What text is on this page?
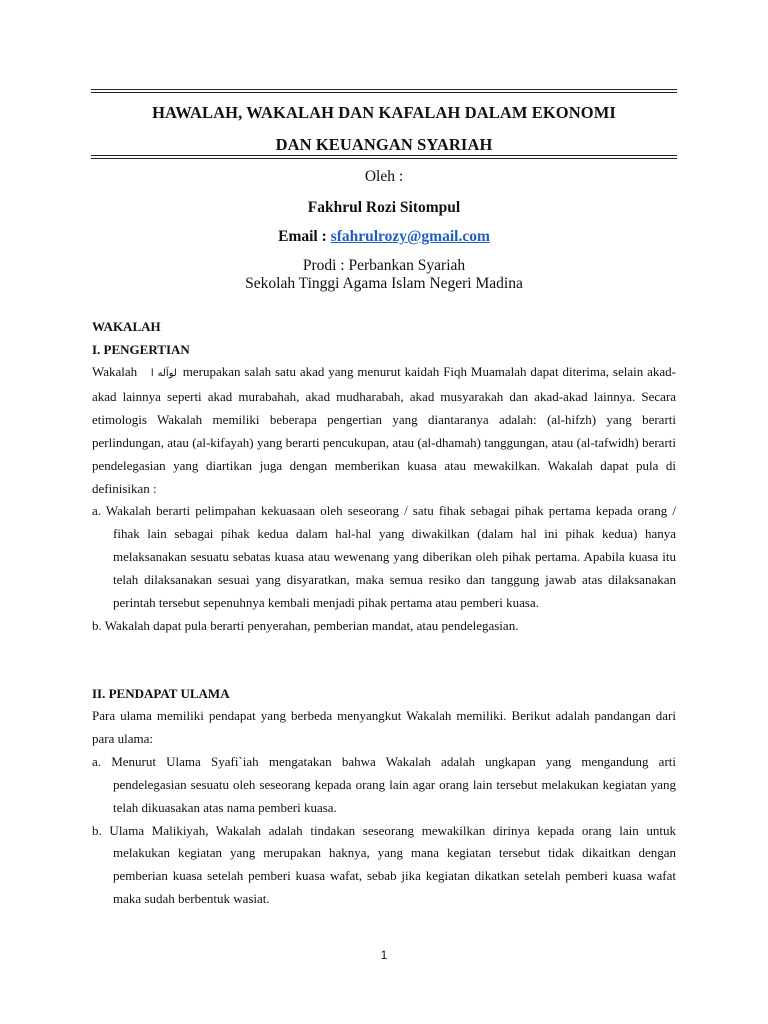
HAWALAH, WAKALAH DAN KAFALAH DALAM EKONOMI
DAN KEUANGAN SYARIAH
Oleh :
Fakhrul Rozi Sitompul
Email : sfahrulrozy@gmail.com
Prodi : Perbankan Syariah
Sekolah Tinggi Agama Islam Negeri Madina
WAKALAH
I. PENGERTIAN
Wakalah ﻟﻮﺁﻟﻪ ﺍ merupakan salah satu akad yang menurut kaidah Fiqh Muamalah dapat diterima, selain akad-akad lainnya seperti akad murabahah, akad mudharabah, akad musyarakah dan akad-akad lainnya. Secara etimologis Wakalah memiliki beberapa pengertian yang diantaranya adalah: (al-hifzh) yang berarti perlindungan, atau (al-kifayah) yang berarti pencukupan, atau (al-dhamah) tanggungan, atau (al-tafwidh) berarti pendelegasian yang diartikan juga dengan memberikan kuasa atau mewakilkan. Wakalah dapat pula di definisikan :
a. Wakalah berarti pelimpahan kekuasaan oleh seseorang / satu fihak sebagai pihak pertama kepada orang / fihak lain sebagai pihak kedua dalam hal-hal yang diwakilkan (dalam hal ini pihak kedua) hanya melaksanakan sesuatu sebatas kuasa atau wewenang yang diberikan oleh pihak pertama. Apabila kuasa itu telah dilaksanakan sesuai yang disyaratkan, maka semua resiko dan tanggung jawab atas dilaksanakan perintah tersebut sepenuhnya kembali menjadi pihak pertama atau pemberi kuasa.
b. Wakalah dapat pula berarti penyerahan, pemberian mandat, atau pendelegasian.
II. PENDAPAT ULAMA
Para ulama memiliki pendapat yang berbeda menyangkut Wakalah memiliki. Berikut adalah pandangan dari para ulama:
a. Menurut Ulama Syafi`iah mengatakan bahwa Wakalah adalah ungkapan yang mengandung arti pendelegasian sesuatu oleh seseorang kepada orang lain agar orang lain tersebut melakukan kegiatan yang telah dikuasakan atas nama pemberi kuasa.
b. Ulama Malikiyah, Wakalah adalah tindakan seseorang mewakilkan dirinya kepada orang lain untuk melakukan kegiatan yang merupakan haknya, yang mana kegiatan tersebut tidak dikaitkan dengan pemberian kuasa setelah pemberi kuasa wafat, sebab jika kegiatan dikatkan setelah pemberi kuasa wafat maka sudah berbentuk wasiat.
1
